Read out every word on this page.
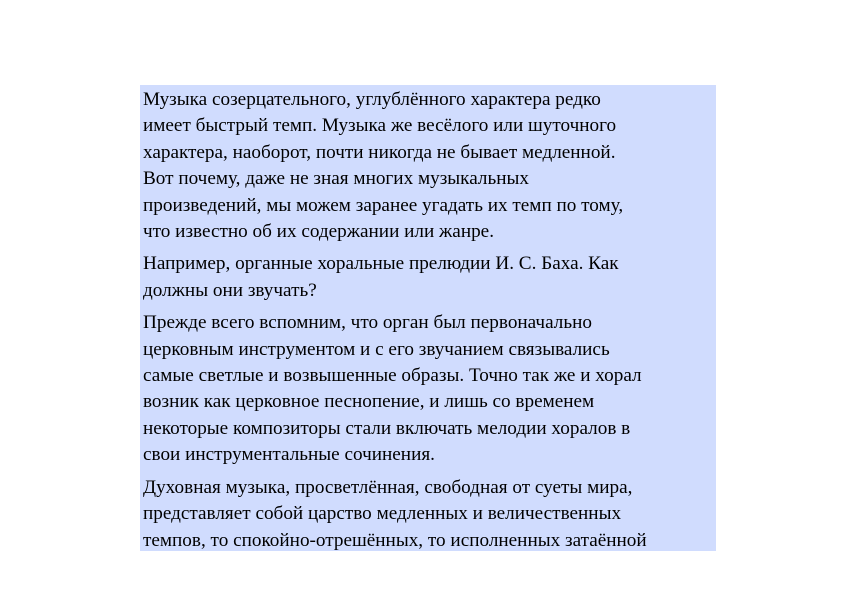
Музыка созерцательного, углублённого характера редко
имеет быстрый темп. Музыка же весёлого или шуточного
характера, наоборот, почти никогда не бывает медленной.
Вот почему, даже не зная многих музыкальных
произведений, мы можем заранее угадать их темп по тому,
что известно об их содержании или жанре.

Например, органные хоральные прелюдии И. С. Баха. Как
должны они звучать?

Прежде всего вспомним, что орган был первоначально
церковным инструментом и с его звучанием связывались
самые светлые и возвышенные образы. Точно так же и хорал
возник как церковное песнопение, и лишь со временем
некоторые композиторы стали включать мелодии хоралов в
свои инструментальные сочинения.

Духовная музыка, просветлённая, свободная от суеты мира,
представляет собой царство медленных и величественных
темпов, то спокойно-отрешённых, то исполненных затаённой
